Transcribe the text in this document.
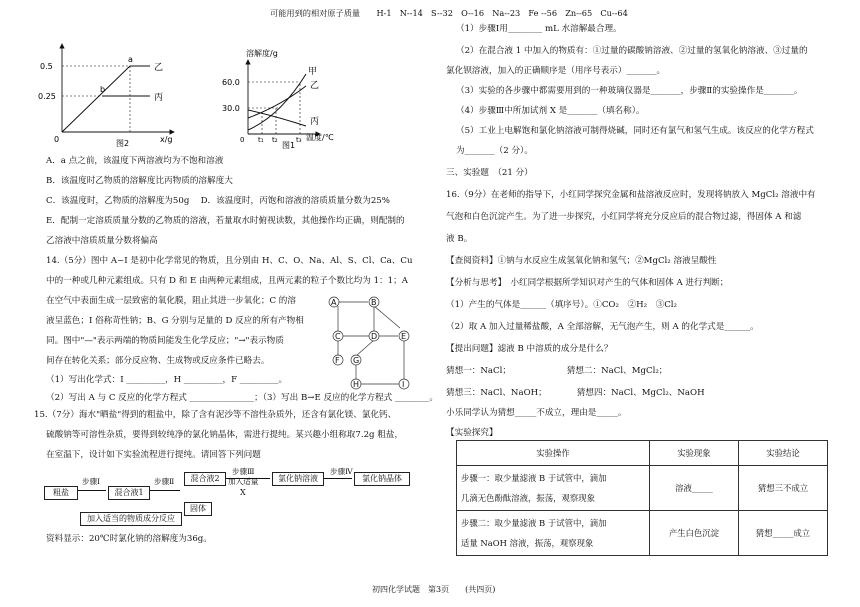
可能用到的相对原子质量　　H-1　N--14　S--32　O--16　Na--23　Fe --56　Zn--65　Cu--64
0.5
0.25
0	x/g
a
b
乙
丙
图2
溶解度/g
60.0
30.0
0 t₁ t₂	t₃ 温度/℃
甲
乙
丙
图1
A．a 点之前，该温度下两溶液均为不饱和溶液
B．该温度时乙物质的溶解度比丙物质的溶解度大
C．该温度时，乙物质的溶解度为50g　 D．该温度时，丙饱和溶液的溶质质量分数为25%
E．配制一定溶质质量分数的乙物质的溶液，若量取水时俯视读数，其他操作均正确，则配制的
乙溶液中溶质质量分数将偏高
14.（5分）图中 A~I 是初中化学常见的物质，且分别由 H、C、O、Na、Al、S、Cl、Ca、Cu
中的一种或几种元素组成。只有 D 和 E 由两种元素组成，且两元素的粒子个数比均为 1：1；A
在空气中表面生成一层致密的氧化膜，阻止其进一步氧化；C 的溶
液呈蓝色；I 俗称苛性钠；B、G 分别与足量的 D 反应的所有产物相
同。图中"—"表示两端的物质间能发生化学反应；"→"表示物质
间存在转化关系；部分反应物、生成物或反应条件已略去。
（1）写出化学式：I _________，H _________，F _________。
（2）写出 A 与 C 反应的化学方程式 _______________；（3）写出 B→E 反应的化学方程式 ________。
A	B
C	D	E
F G
H	I
15.（7分）海水"晒盐"得到的粗盐中，除了含有泥沙等不溶性杂质外，还含有氯化镁、氯化钙、
硫酸钠等可溶性杂质，要得到较纯净的氯化钠晶体，需进行提纯。某兴趣小组称取7.2g 粗盐，
在室温下，设计如下实验流程进行提纯。请回答下列问题
粗盐
步骤Ⅰ
混合液1
步骤Ⅱ	混合液2
固体
步骤Ⅲ
加入适量
X
氯化钠溶液
步骤Ⅳ
氯化钠晶体
加入适当的物质成分反应
资料显示：20℃时氯化钠的溶解度为36g。
（1）步骤Ⅰ用________ mL 水溶解最合理。
（2）在混合液 1 中加入的物质有：①过量的碳酸钠溶液、②过量的氢氧化钠溶液、③过量的
氯化钡溶液，加入的正确顺序是（用序号表示）_______。
（3）实验的各步骤中都需要用到的一种玻璃仪器是_______，步骤Ⅱ的实验操作是_______。
（4）步骤Ⅲ中所加试剂 X 是_______（填名称）。
（5）工业上电解饱和氯化钠溶液可制得烧碱，同时还有氯气和氢气生成。该反应的化学方程式
为_______（2 分）。
三、实验题　（21 分）
16.（9分）在老师的指导下，小红同学探究金属和盐溶液反应时，发现将钠放入 MgCl₂ 溶液中有
气泡和白色沉淀产生。为了进一步探究，小红同学将充分反应后的混合物过滤，得固体 A 和滤
液 B。
【查阅资料】①钠与水反应生成氢氧化钠和氢气；②MgCl₂ 溶液呈酸性
【分析与思考】　小红同学根据所学知识对产生的气体和固体 A 进行判断；
（1）产生的气体是______（填序号）。①CO₂　②H₂　③Cl₂
（2）取 A 加入过量稀盐酸，A 全部溶解，无气泡产生，则 A 的化学式是______。
【提出问题】滤液 B 中溶质的成分是什么？
猜想一：NaCl；　　　　　　　猜想二：NaCl、MgCl₂；
猜想三：NaCl、NaOH；　　　　猜想四：NaCl、MgCl₂、NaOH
小乐同学认为猜想_____不成立，理由是_____。
【实验探究】
实验操作	实验现象	实验结论

步骤一：取少量滤液 B 于试管中，滴加
几滴无色酚酞溶液，振荡，观察现象	溶液_____	猜想三不成立

步骤二：取少量滤液 B 于试管中，滴加
适量 NaOH 溶液，振荡，观察现象	产生白色沉淀	猜想_____成立
初四化学试题　第3页　　(共四页)
